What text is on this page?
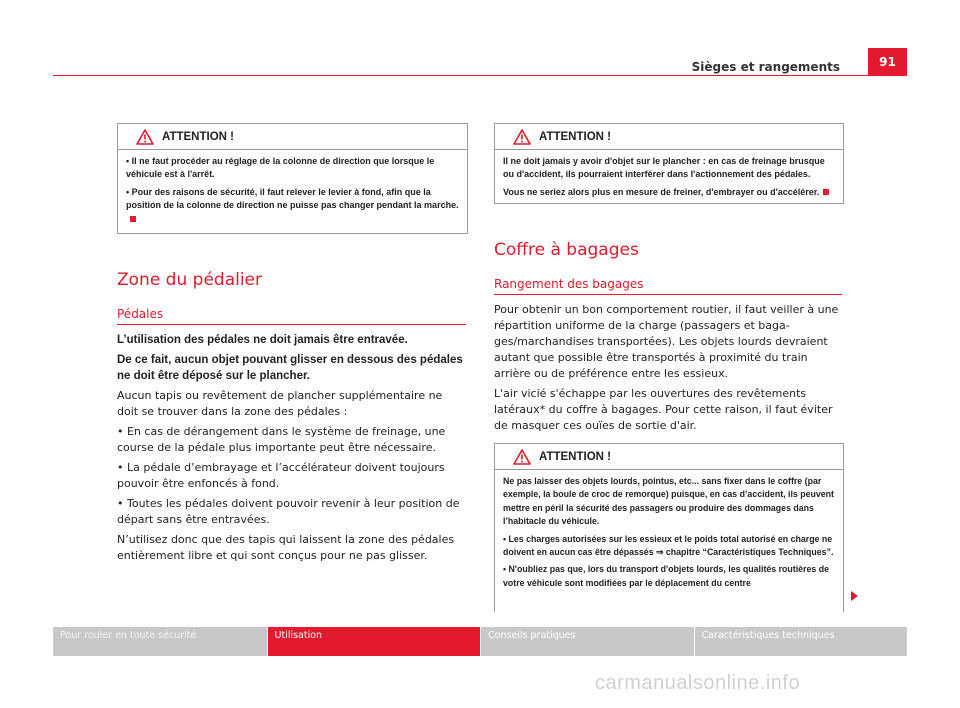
Sièges et rangements	91
ATTENTION !

• Il ne faut procéder au réglage de la colonne de direction que lorsque le véhicule est à l'arrêt.

• Pour des raisons de sécurité, il faut relever le levier à fond, afin que la position de la colonne de direction ne puisse pas changer pendant la marche.

Zone du pédalier
Pédales

L’utilisation des pédales ne doit jamais être entravée.

De ce fait, aucun objet pouvant glisser en dessous des pédales ne doit être déposé sur le plancher.

Aucun tapis ou revêtement de plancher supplémentaire ne doit se trouver dans la zone des pédales :

• En cas de dérangement dans le système de freinage, une course de la pédale plus importante peut être nécessaire.

• La pédale d’embrayage et l’accélérateur doivent toujours pouvoir être enfoncés à fond.

• Toutes les pédales doivent pouvoir revenir à leur position de départ sans être entravées.

N’utilisez donc que des tapis qui laissent la zone des pédales entièrement libre et qui sont conçus pour ne pas glisser.

ATTENTION !

Il ne doit jamais y avoir d'objet sur le plancher : en cas de freinage brusque ou d'accident, ils pourraient interférer dans l'actionnement des pédales.

Vous ne seriez alors plus en mesure de freiner, d'embrayer ou d'accélérer.

Coffre à bagages
Rangement des bagages

Pour obtenir un bon comportement routier, il faut veiller à une répartition uniforme de la charge (passagers et baga-ges/marchandises transportées). Les objets lourds devraient autant que possible être transportés à proximité du train arrière ou de préférence entre les essieux.

L'air vicié s'échappe par les ouvertures des revêtements latéraux* du coffre à bagages. Pour cette raison, il faut éviter de masquer ces ouïes de sortie d'air.

ATTENTION !

Ne pas laisser des objets lourds, pointus, etc... sans fixer dans le coffre (par exemple, la boule de croc de remorque) puisque, en cas d’accident, ils peuvent mettre en péril la sécurité des passagers ou produire des dommages dans l’habitacle du véhicule.

• Les charges autorisées sur les essieux et le poids total autorisé en charge ne doivent en aucun cas être dépassés ⇒ chapitre “Caractéristiques Techniques”.

• N'oubliez pas que, lors du transport d'objets lourds, les qualités routières de votre véhicule sont modifiées par le déplacement du centre

Pour rouler en toute sécurité	Utilisation	Conseils pratiques	Caractéristiques techniques
carmanualsonline.info
